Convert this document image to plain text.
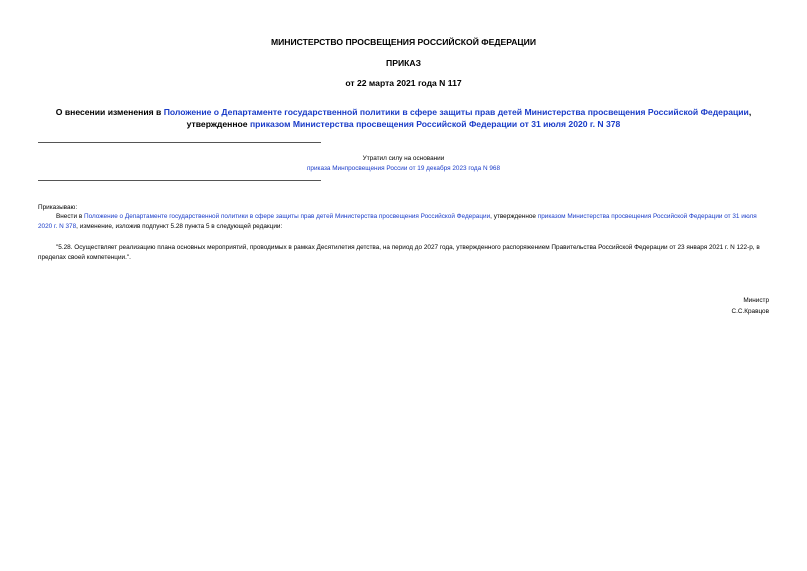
МИНИСТЕРСТВО ПРОСВЕЩЕНИЯ РОССИЙСКОЙ ФЕДЕРАЦИИ
ПРИКАЗ
от 22 марта 2021 года N 117
О внесении изменения в Положение о Департаменте государственной политики в сфере защиты прав детей Министерства просвещения Российской Федерации, утвержденное приказом Министерства просвещения Российской Федерации от 31 июля 2020 г. N 378
Утратил силу на основании
приказа Минпросвещения России от 19 декабря 2023 года N 968
Приказываю:
Внести в Положение о Департаменте государственной политики в сфере защиты прав детей Министерства просвещения Российской Федерации, утвержденное приказом Министерства просвещения Российской Федерации от 31 июля 2020 г. N 378, изменение, изложив подпункт 5.28 пункта 5 в следующей редакции:
"5.28. Осуществляет реализацию плана основных мероприятий, проводимых в рамках Десятилетия детства, на период до 2027 года, утвержденного распоряжением Правительства Российской Федерации от 23 января 2021 г. N 122-р, в пределах своей компетенции.".
Министр
С.С.Кравцов
